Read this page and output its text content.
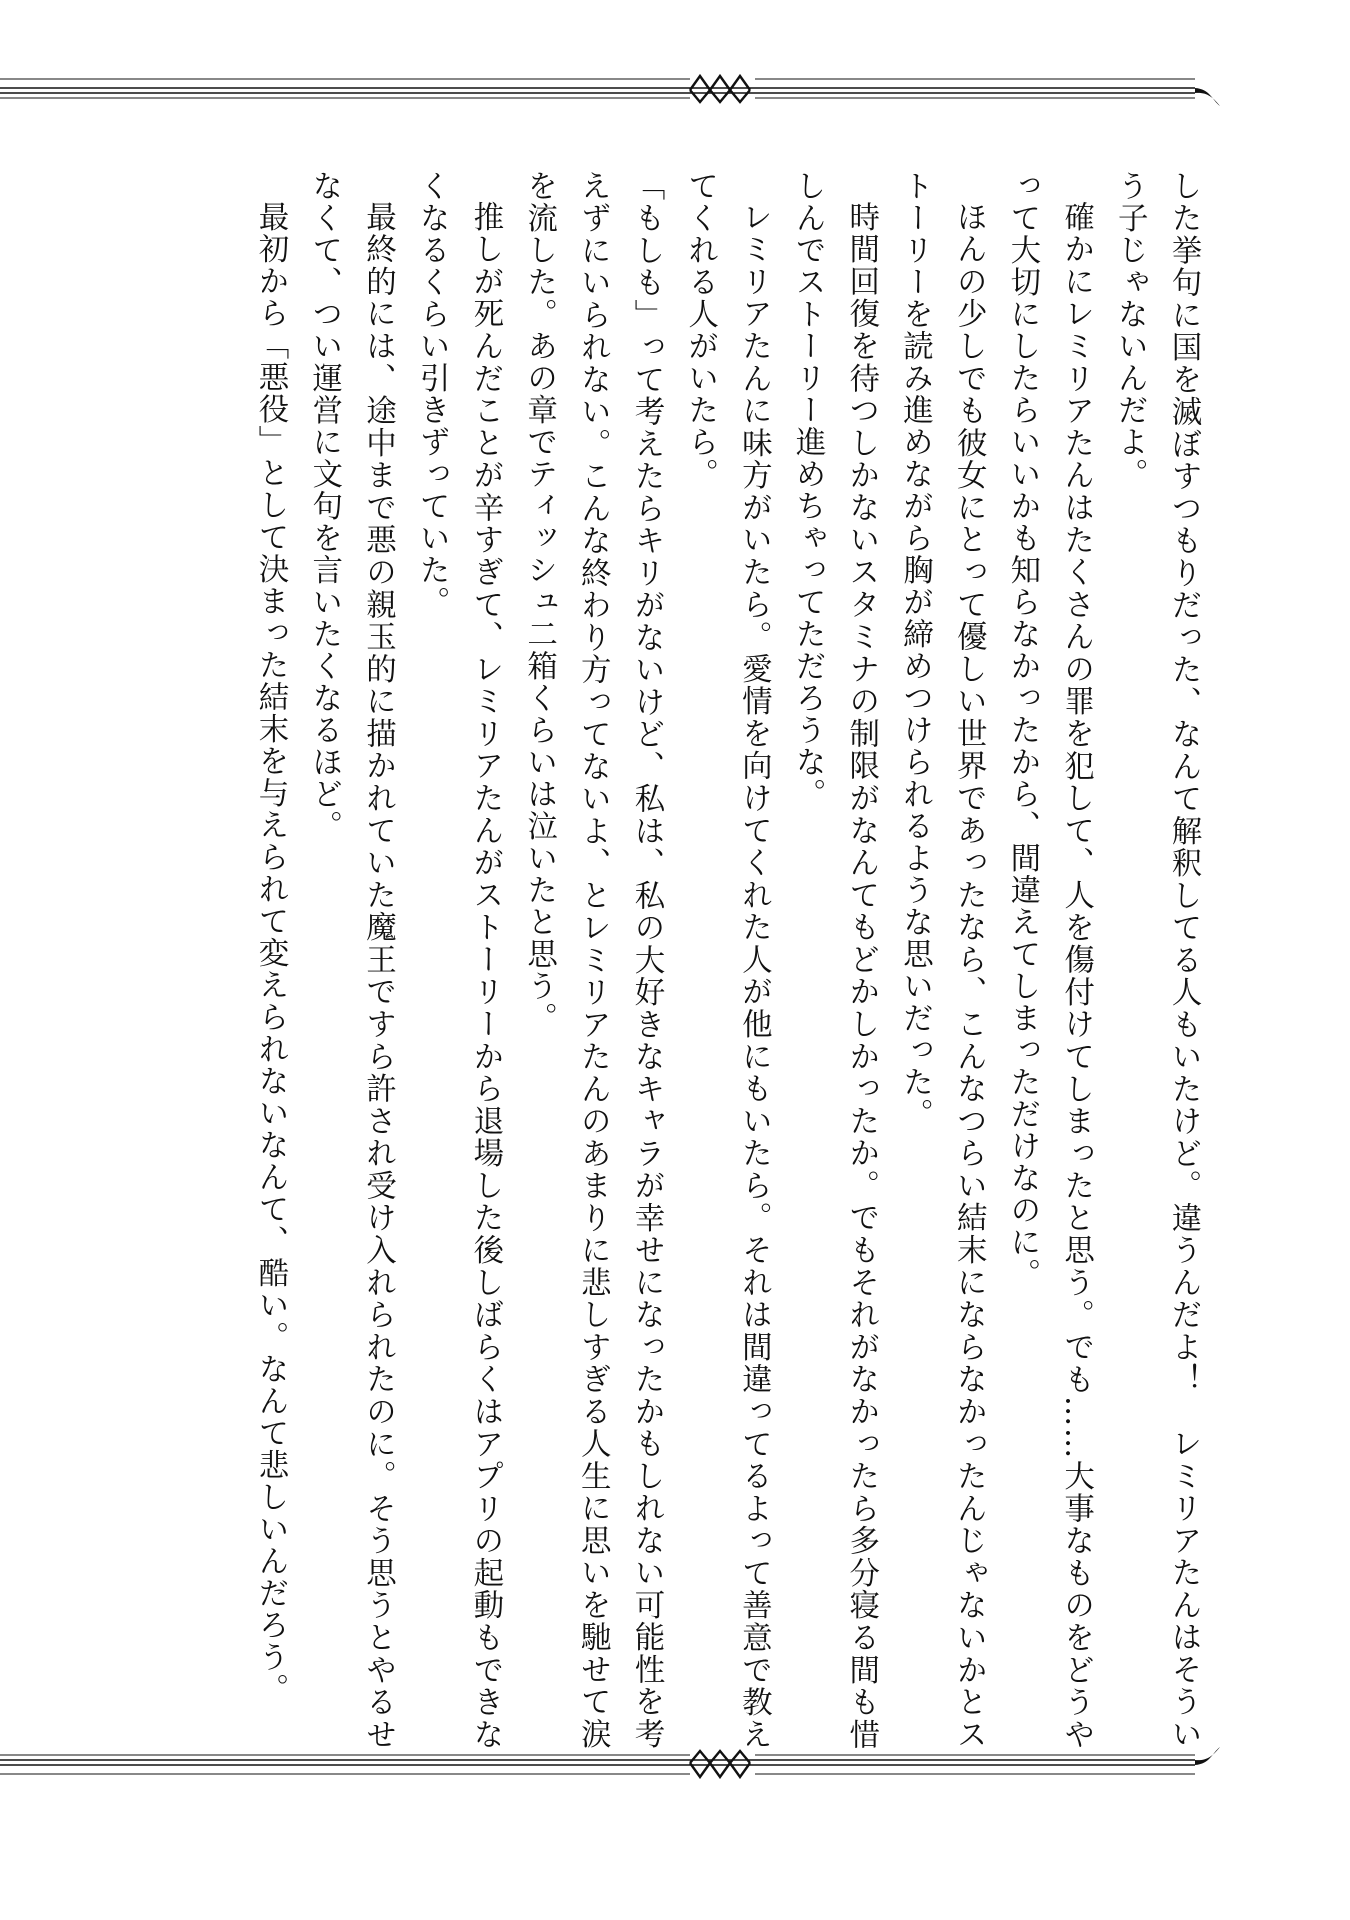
した挙句に国を滅ぼすつもりだった、なんて解釈してる人もいたけど。違うんだよ！　レミリアたんはそういう子じゃないんだよ。

確かにレミリアたんはたくさんの罪を犯して、人を傷付けてしまったと思う。でも……大事なものをどうやって大切にしたらいいかも知らなかったから、間違えてしまっただけなのに。

ほんの少しでも彼女にとって優しい世界であったなら、こんなつらい結末にならなかったんじゃないかとストーリーを読み進めながら胸が締めつけられるような思いだった。

時間回復を待つしかないスタミナの制限がなんてもどかしかったか。でもそれがなかったら多分寝る間も惜しんでストーリー進めちゃってただろうな。

レミリアたんに味方がいたら。愛情を向けてくれた人が他にもいたら。それは間違ってるよって善意で教えてくれる人がいたら。

「もしも」って考えたらキリがないけど、私は、私の大好きなキャラが幸せになったかもしれない可能性を考えずにいられない。こんな終わり方ってないよ、とレミリアたんのあまりに悲しすぎる人生に思いを馳せて涙を流した。あの章でティッシュ二箱くらいは泣いたと思う。

推しが死んだことが辛すぎて、レミリアたんがストーリーから退場した後しばらくはアプリの起動もできなくなるくらい引きずっていた。

最終的には、途中まで悪の親玉的に描かれていた魔王ですら許され受け入れられたのに。そう思うとやるせなくて、つい運営に文句を言いたくなるほど。

最初から「悪役」として決まった結末を与えられて変えられないなんて、酷い。なんて悲しいんだろう。
